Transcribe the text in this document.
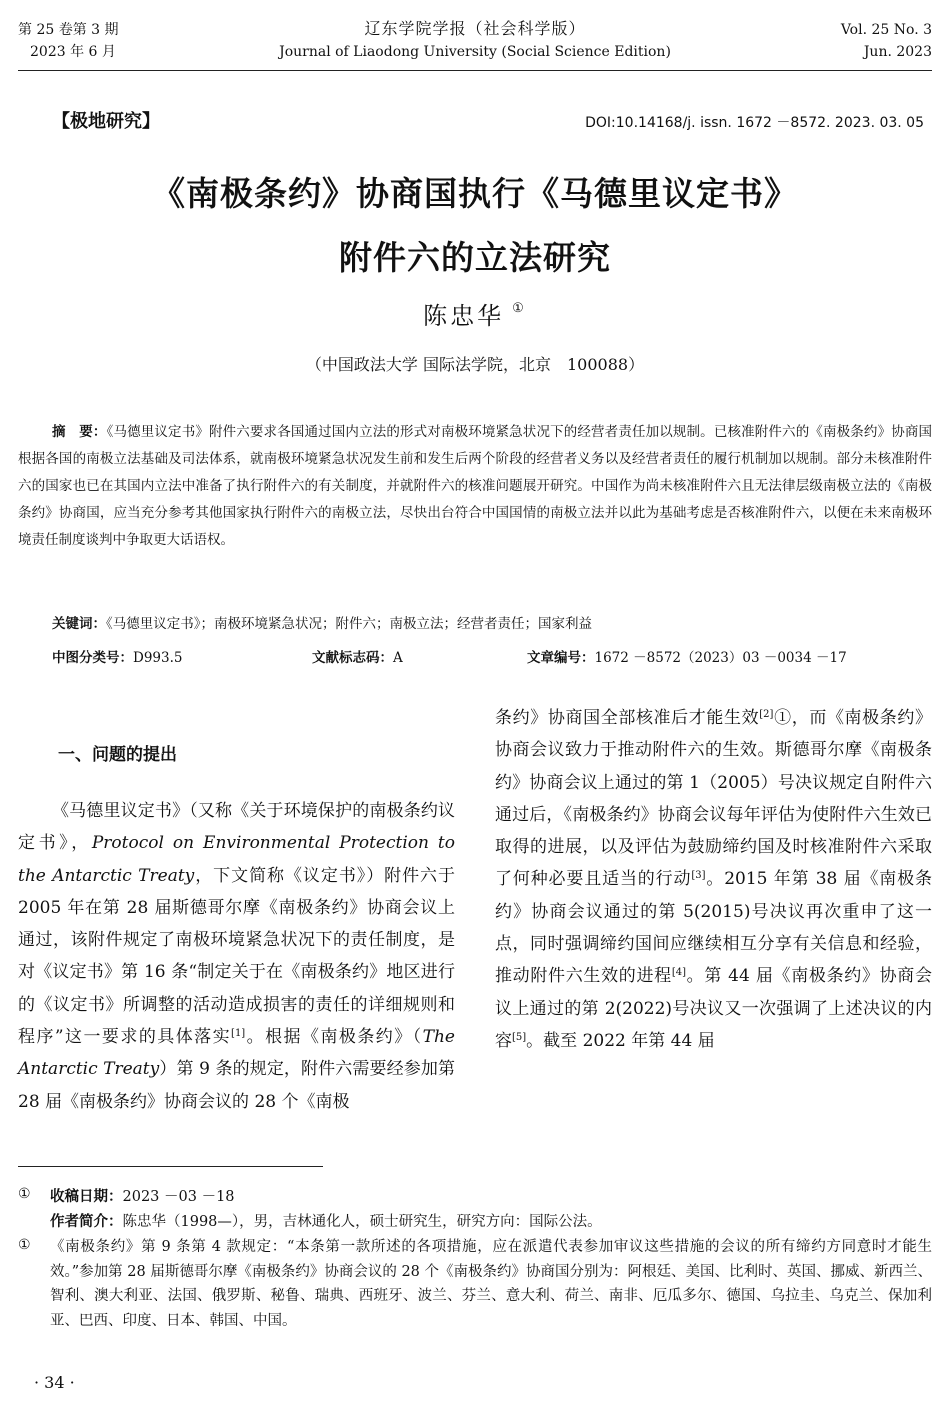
第 25 卷第 3 期
2023 年 6 月
辽东学院学报（社会科学版）
Journal of Liaodong University (Social Science Edition)
Vol. 25 No. 3
Jun. 2023
【极地研究】	DOI:10.14168/j. issn. 1672 －8572. 2023. 03. 05
《南极条约》协商国执行《马德里议定书》
附件六的立法研究
陈忠华 ①
（中国政法大学 国际法学院，北京　100088）
摘　要：《马德里议定书》附件六要求各国通过国内立法的形式对南极环境紧急状况下的经营者责任加以规制。已核准附件六的《南极条约》协商国根据各国的南极立法基础及司法体系，就南极环境紧急状况发生前和发生后两个阶段的经营者义务以及经营者责任的履行机制加以规制。部分未核准附件六的国家也已在其国内立法中准备了执行附件六的有关制度，并就附件六的核准问题展开研究。中国作为尚未核准附件六且无法律层级南极立法的《南极条约》协商国，应当充分参考其他国家执行附件六的南极立法，尽快出台符合中国国情的南极立法并以此为基础考虑是否核准附件六，以便在未来南极环境责任制度谈判中争取更大话语权。
关键词：《马德里议定书》；南极环境紧急状况；附件六；南极立法；经营者责任；国家利益
中图分类号：D993.5	文献标志码：A	文章编号：1672 －8572（2023）03 －0034 －17
一、问题的提出

《马德里议定书》（又称《关于环境保护的南极条约议定书》，Protocol on Environmental Protection to the Antarctic Treaty，下文简称《议定书》）附件六于 2005 年在第 28 届斯德哥尔摩《南极条约》协商会议上通过，该附件规定了南极环境紧急状况下的责任制度，是对《议定书》第 16 条“制定关于在《南极条约》地区进行的《议定书》所调整的活动造成损害的责任的详细规则和程序”这一要求的具体落实[1]。根据《南极条约》（The Antarctic Treaty）第 9 条的规定，附件六需要经参加第 28 届《南极条约》协商会议的 28 个《南极

条约》协商国全部核准后才能生效[2]①，而《南极条约》协商会议致力于推动附件六的生效。斯德哥尔摩《南极条约》协商会议上通过的第 1（2005）号决议规定自附件六通过后，《南极条约》协商会议每年评估为使附件六生效已取得的进展，以及评估为鼓励缔约国及时核准附件六采取了何种必要且适当的行动[3]。2015 年第 38 届《南极条约》协商会议通过的第 5(2015)号决议再次重申了这一点，同时强调缔约国间应继续相互分享有关信息和经验，推动附件六生效的进程[4]。第 44 届《南极条约》协商会议上通过的第 2(2022)号决议又一次强调了上述决议的内容[5]。截至 2022 年第 44 届

① 收稿日期：2023 －03 －18
作者简介：陈忠华（1998—），男，吉林通化人，硕士研究生，研究方向：国际公法。
① 《南极条约》第 9 条第 4 款规定：“本条第一款所述的各项措施，应在派遣代表参加审议这些措施的会议的所有缔约方同意时才能生效。”参加第 28 届斯德哥尔摩《南极条约》协商会议的 28 个《南极条约》协商国分别为：阿根廷、美国、比利时、英国、挪威、新西兰、智利、澳大利亚、法国、俄罗斯、秘鲁、瑞典、西班牙、波兰、芬兰、意大利、荷兰、南非、厄瓜多尔、德国、乌拉圭、乌克兰、保加利亚、巴西、印度、日本、韩国、中国。
· 34 ·
